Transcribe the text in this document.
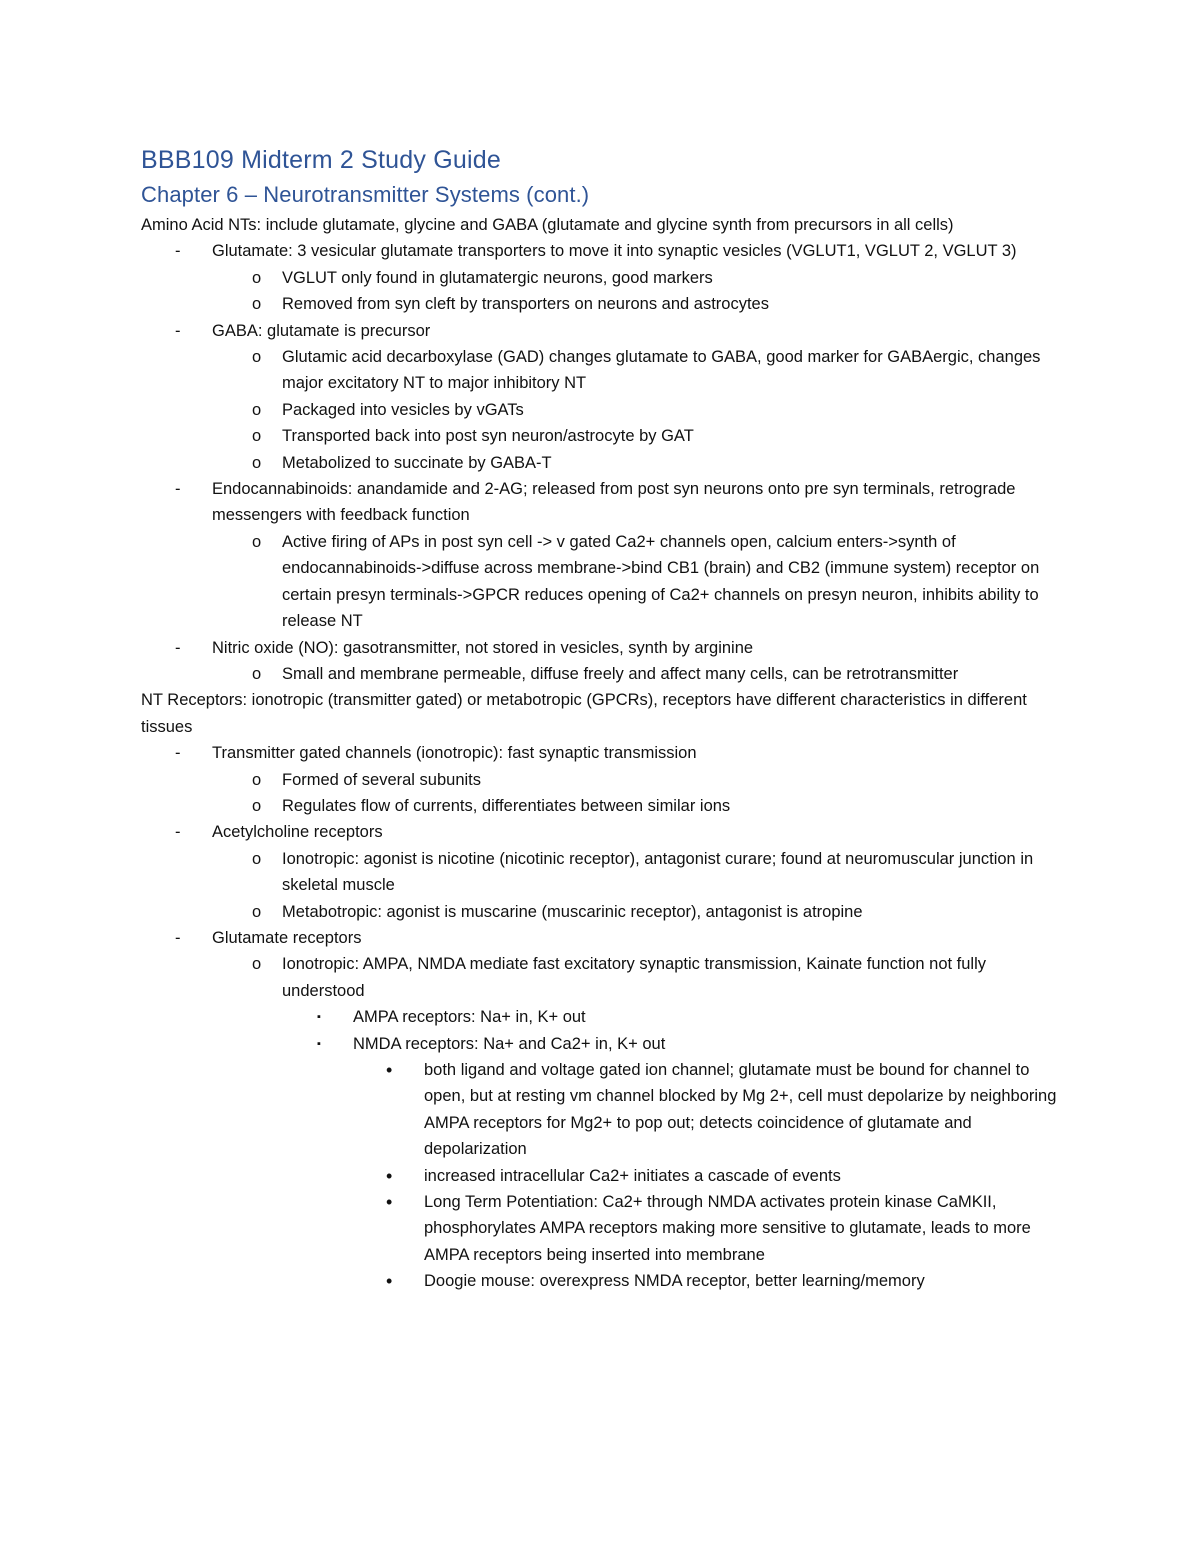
BBB109 Midterm 2 Study Guide
Chapter 6 – Neurotransmitter Systems (cont.)

Amino Acid NTs: include glutamate, glycine and GABA (glutamate and glycine synth from precursors in all cells)

- Glutamate: 3 vesicular glutamate transporters to move it into synaptic vesicles (VGLUT1, VGLUT 2, VGLUT 3)
o VGLUT only found in glutamatergic neurons, good markers
o Removed from syn cleft by transporters on neurons and astrocytes
- GABA: glutamate is precursor
o Glutamic acid decarboxylase (GAD) changes glutamate to GABA, good marker for GABAergic, changes major excitatory NT to major inhibitory NT
o Packaged into vesicles by vGATs
o Transported back into post syn neuron/astrocyte by GAT
o Metabolized to succinate by GABA-T
- Endocannabinoids: anandamide and 2-AG; released from post syn neurons onto pre syn terminals, retrograde messengers with feedback function
o Active firing of APs in post syn cell -> v gated Ca2+ channels open, calcium enters->synth of endocannabinoids->diffuse across membrane->bind CB1 (brain) and CB2 (immune system) receptor on certain presyn terminals->GPCR reduces opening of Ca2+ channels on presyn neuron, inhibits ability to release NT
- Nitric oxide (NO): gasotransmitter, not stored in vesicles, synth by arginine
o Small and membrane permeable, diffuse freely and affect many cells, can be retrotransmitter

NT Receptors: ionotropic (transmitter gated) or metabotropic (GPCRs), receptors have different characteristics in different tissues

- Transmitter gated channels (ionotropic): fast synaptic transmission
o Formed of several subunits
o Regulates flow of currents, differentiates between similar ions
- Acetylcholine receptors
o Ionotropic: agonist is nicotine (nicotinic receptor), antagonist curare; found at neuromuscular junction in skeletal muscle
o Metabotropic: agonist is muscarine (muscarinic receptor), antagonist is atropine
- Glutamate receptors
o Ionotropic: AMPA, NMDA mediate fast excitatory synaptic transmission, Kainate function not fully understood
▪ AMPA receptors: Na+ in, K+ out
▪ NMDA receptors: Na+ and Ca2+ in, K+ out
• both ligand and voltage gated ion channel; glutamate must be bound for channel to open, but at resting vm channel blocked by Mg 2+, cell must depolarize by neighboring AMPA receptors for Mg2+ to pop out; detects coincidence of glutamate and depolarization
• increased intracellular Ca2+ initiates a cascade of events
• Long Term Potentiation: Ca2+ through NMDA activates protein kinase CaMKII, phosphorylates AMPA receptors making more sensitive to glutamate, leads to more AMPA receptors being inserted into membrane
• Doogie mouse: overexpress NMDA receptor, better learning/memory
